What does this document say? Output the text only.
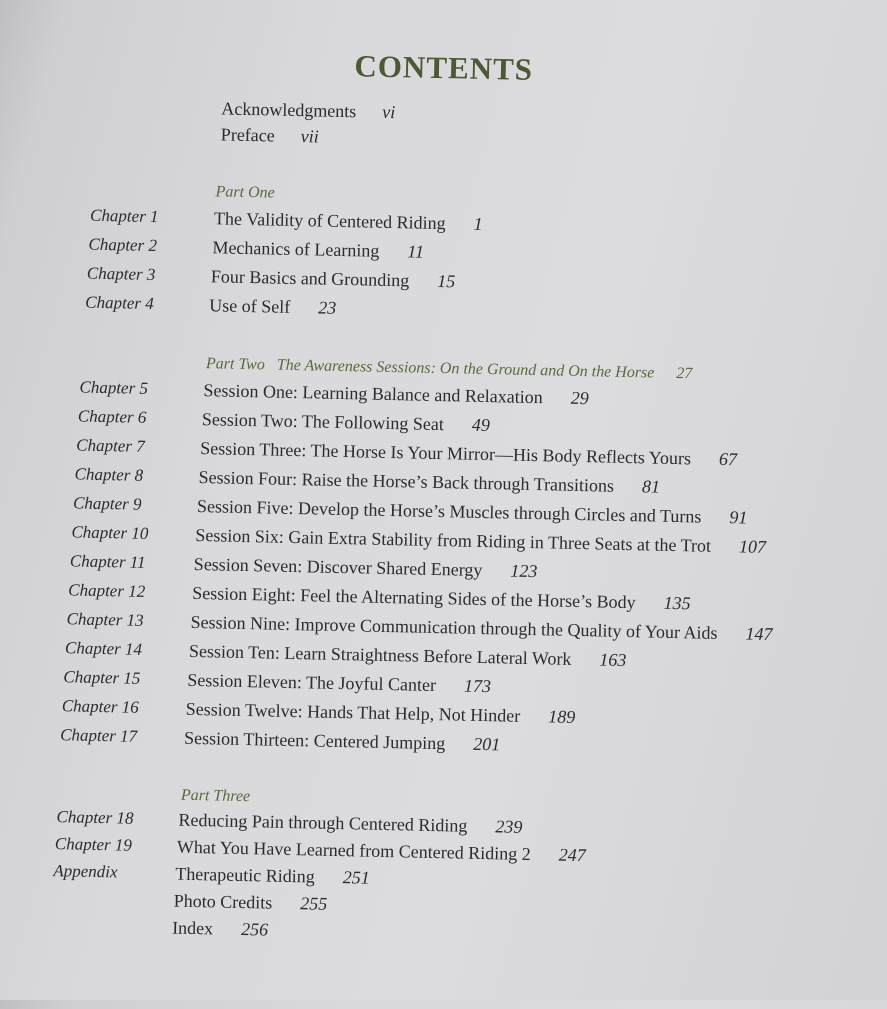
CONTENTS
Acknowledgments vi
Preface vii
Part One
Chapter 1	The Validity of Centered Riding 1
Chapter 2	Mechanics of Learning 11
Chapter 3	Four Basics and Grounding 15
Chapter 4	Use of Self 23
Part Two The Awareness Sessions: On the Ground and On the Horse 27
Chapter 5	Session One: Learning Balance and Relaxation 29
Chapter 6	Session Two: The Following Seat 49
Chapter 7	Session Three: The Horse Is Your Mirror—His Body Reflects Yours 67
Chapter 8	Session Four: Raise the Horse’s Back through Transitions 81
Chapter 9	Session Five: Develop the Horse’s Muscles through Circles and Turns 91
Chapter 10	Session Six: Gain Extra Stability from Riding in Three Seats at the Trot 107
Chapter 11	Session Seven: Discover Shared Energy 123
Chapter 12	Session Eight: Feel the Alternating Sides of the Horse’s Body 135
Chapter 13	Session Nine: Improve Communication through the Quality of Your Aids 147
Chapter 14	Session Ten: Learn Straightness Before Lateral Work 163
Chapter 15	Session Eleven: The Joyful Canter 173
Chapter 16	Session Twelve: Hands That Help, Not Hinder 189
Chapter 17	Session Thirteen: Centered Jumping 201
Part Three
Chapter 18 Reducing Pain through Centered Riding 239
Chapter 19 What You Have Learned from Centered Riding 2 247
Appendix	Therapeutic Riding 251
Photo Credits 255
Index 256
